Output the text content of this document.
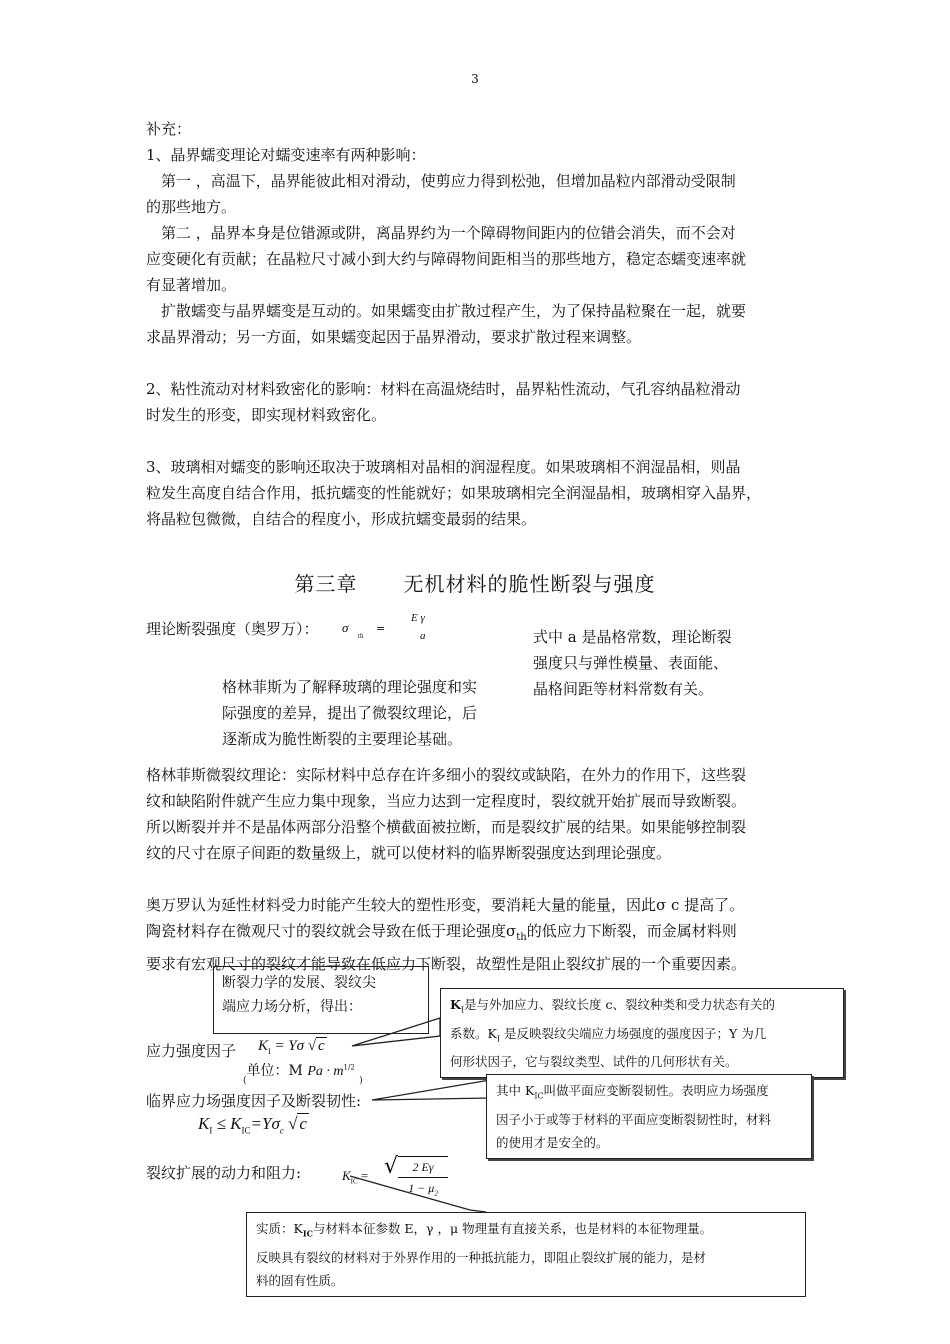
3
补充：
1、晶界蠕变理论对蠕变速率有两种影响：
第一 ，高温下，晶界能彼此相对滑动，使剪应力得到松弛，但增加晶粒内部滑动受限制
的那些地方。
第二 ，晶界本身是位错源或阱，离晶界约为一个障碍物间距内的位错会消失，而不会对
应变硬化有贡献；在晶粒尺寸减小到大约与障碍物间距相当的那些地方，稳定态蠕变速率就
有显著增加。
扩散蠕变与晶界蠕变是互动的。如果蠕变由扩散过程产生，为了保持晶粒聚在一起，就要
求晶界滑动；另一方面，如果蠕变起因于晶界滑动，要求扩散过程来调整。
2、粘性流动对材料致密化的影响：材料在高温烧结时，晶界粘性流动，气孔容纳晶粒滑动
时发生的形变，即实现材料致密化。
3、玻璃相对蠕变的影响还取决于玻璃相对晶相的润湿程度。如果玻璃相不润湿晶相，则晶
粒发生高度自结合作用，抵抗蠕变的性能就好；如果玻璃相完全润湿晶相，玻璃相穿入晶界，
将晶粒包微微，自结合的程度小，形成抗蠕变最弱的结果。
第三章 无机材料的脆性断裂与强度
理论断裂强度（奥罗万）： σ
th
=
E γ
a	式中 a 是晶格常数，理论断裂
强度只与弹性模量、表面能、
晶格间距等材料常数有关。
格林菲斯为了解释玻璃的理论强度和实
际强度的差异，提出了微裂纹理论，后
逐渐成为脆性断裂的主要理论基础。
格林菲斯微裂纹理论：实际材料中总存在许多细小的裂纹或缺陷，在外力的作用下，这些裂
纹和缺陷附件就产生应力集中现象，当应力达到一定程度时，裂纹就开始扩展而导致断裂。
所以断裂并并不是晶体两部分沿整个横截面被拉断，而是裂纹扩展的结果。如果能够控制裂
纹的尺寸在原子间距的数量级上，就可以使材料的临界断裂强度达到理论强度。
奥万罗认为延性材料受力时能产生较大的塑性形变，要消耗大量的能量，因此σ c 提高了。
陶瓷材料存在微观尺寸的裂纹就会导致在低于理论强度$\sigma_{th}$的低应力下断裂，而金属材料则
要求有宏观尺寸的裂纹才能导致在低应力下断裂，故塑性是阻止裂纹扩展的一个重要因素。
断裂力学的发展、裂纹尖
端应力场分析，得出：
应力强度因子 $K_I = Y\sigma$ √ c
$_($单位：M $Pa \cdot m^{1/2}$ $_)$
$K_I$是与外加应力、裂纹长度 c、裂纹种类和受力状态有关的
系数。$K_I$ 是反映裂纹尖端应力场强度的强度因子；Y 为几
何形状因子，它与裂纹类型、试件的几何形状有关。
临界应力场强度因子及断裂韧性:
$K_I \le K_{IC}=Y\sigma_c$ √ c
其中 $K_{IC}$叫做平面应变断裂韧性。表明应力场强度
因子小于或等于材料的平面应变断裂韧性时，材料
的使用才是安全的。
裂纹扩展的动力和阻力:	$K_{IC}$ = √ $\frac{2 E\gamma}{1 - \mu_2}$
实质：$K_{IC}$与材料本征参数 E，γ ，μ 物理量有直接关系，也是材料的本征物理量。
反映具有裂纹的材料对于外界作用的一种抵抗能力，即阻止裂纹扩展的能力，是材
料的固有性质。
